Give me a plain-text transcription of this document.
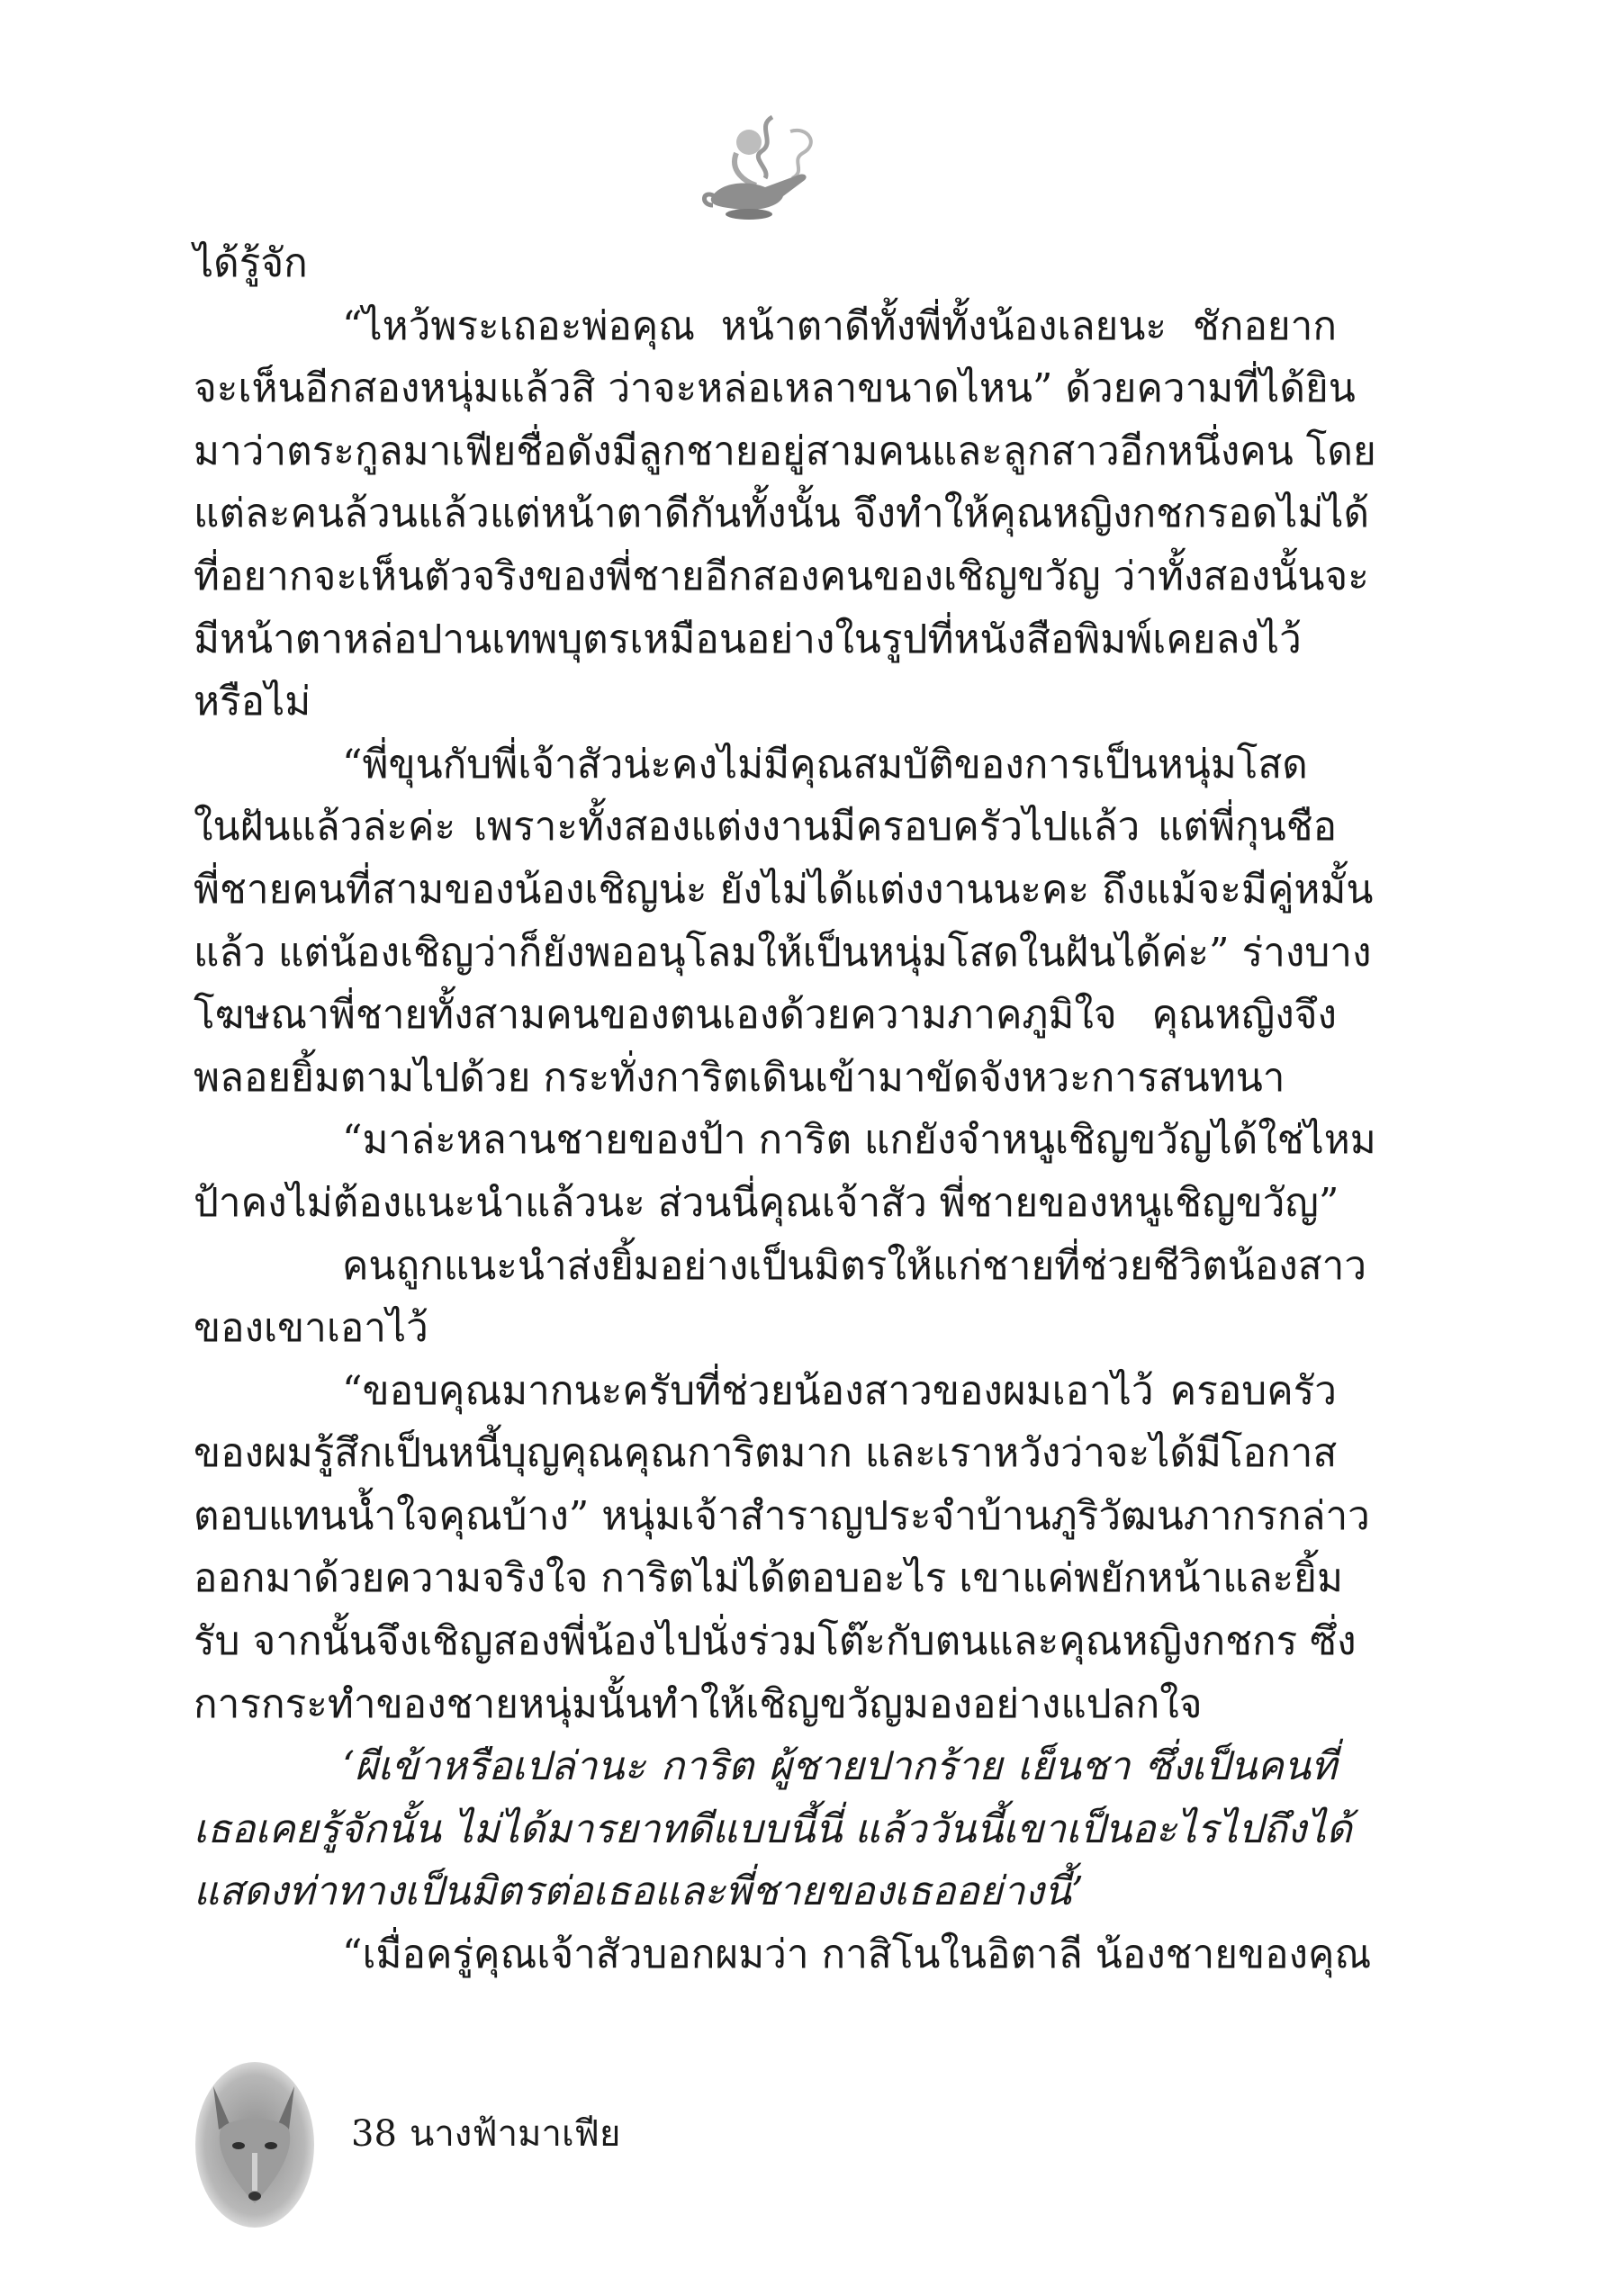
ได้รู้จัก
“ไหว้พระเถอะพ่อคุณ หน้าตาดีทั้งพี่ทั้งน้องเลยนะ ชักอยาก
จะเห็นอีกสองหนุ่มแล้วสิ ว่าจะหล่อเหลาขนาดไหน” ด้วยความที่ได้ยิน
มาว่าตระกูลมาเฟียชื่อดังมีลูกชายอยู่สามคนและลูกสาวอีกหนึ่งคน โดย
แต่ละคนล้วนแล้วแต่หน้าตาดีกันทั้งนั้น จึงทำให้คุณหญิงกชกรอดไม่ได้
ที่อยากจะเห็นตัวจริงของพี่ชายอีกสองคนของเชิญขวัญ ว่าทั้งสองนั้นจะ
มีหน้าตาหล่อปานเทพบุตรเหมือนอย่างในรูปที่หนังสือพิมพ์เคยลงไว้
หรือไม่
“พี่ขุนกับพี่เจ้าสัวน่ะคงไม่มีคุณสมบัติของการเป็นหนุ่มโสด
ในฝันแล้วล่ะค่ะ เพราะทั้งสองแต่งงานมีครอบครัวไปแล้ว แต่พี่กุนชือ
พี่ชายคนที่สามของน้องเชิญน่ะ ยังไม่ได้แต่งงานนะคะ ถึงแม้จะมีคู่หมั้น
แล้ว แต่น้องเชิญว่าก็ยังพออนุโลมให้เป็นหนุ่มโสดในฝันได้ค่ะ” ร่างบาง
โฆษณาพี่ชายทั้งสามคนของตนเองด้วยความภาคภูมิใจ คุณหญิงจึง
พลอยยิ้มตามไปด้วย กระทั่งการิตเดินเข้ามาขัดจังหวะการสนทนา
“มาล่ะหลานชายของป้า การิต แกยังจำหนูเชิญขวัญได้ใช่ไหม
ป้าคงไม่ต้องแนะนำแล้วนะ ส่วนนี่คุณเจ้าสัว พี่ชายของหนูเชิญขวัญ”
คนถูกแนะนำส่งยิ้มอย่างเป็นมิตรให้แก่ชายที่ช่วยชีวิตน้องสาว
ของเขาเอาไว้
“ขอบคุณมากนะครับที่ช่วยน้องสาวของผมเอาไว้ ครอบครัว
ของผมรู้สึกเป็นหนี้บุญคุณคุณการิตมาก และเราหวังว่าจะได้มีโอกาส
ตอบแทนน้ำใจคุณบ้าง” หนุ่มเจ้าสำราญประจำบ้านภูริวัฒนภากรกล่าว
ออกมาด้วยความจริงใจ การิตไม่ได้ตอบอะไร เขาแค่พยักหน้าและยิ้ม
รับ จากนั้นจึงเชิญสองพี่น้องไปนั่งร่วมโต๊ะกับตนและคุณหญิงกชกร ซึ่ง
การกระทำของชายหนุ่มนั้นทำให้เชิญขวัญมองอย่างแปลกใจ
‘ผีเข้าหรือเปล่านะ การิต ผู้ชายปากร้าย เย็นชา ซึ่งเป็นคนที่
เธอเคยรู้จักนั้น ไม่ได้มารยาทดีแบบนี้นี่ แล้ววันนี้เขาเป็นอะไรไปถึงได้
แสดงท่าทางเป็นมิตรต่อเธอและพี่ชายของเธออย่างนี้’
“เมื่อครู่คุณเจ้าสัวบอกผมว่า กาสิโนในอิตาลี น้องชายของคุณ
38 นางฟ้ามาเฟีย
